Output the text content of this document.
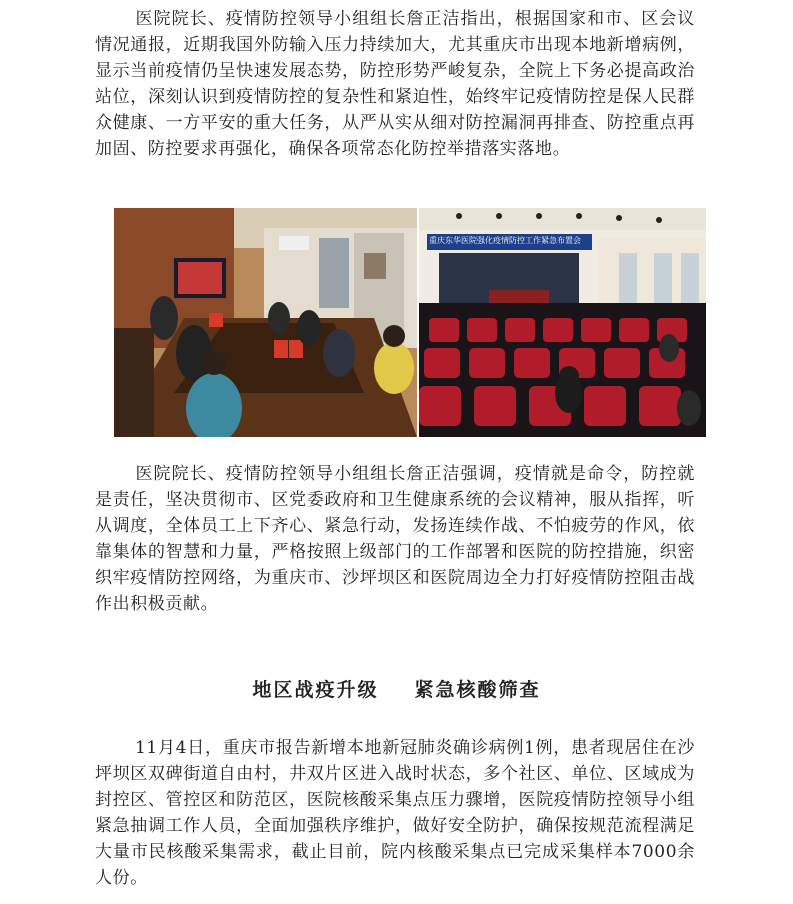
医院院长、疫情防控领导小组组长詹正洁指出，根据国家和市、区会议情况通报，近期我国外防输入压力持续加大，尤其重庆市出现本地新增病例，显示当前疫情仍呈快速发展态势，防控形势严峻复杂，全院上下务必提高政治站位，深刻认识到疫情防控的复杂性和紧迫性，始终牢记疫情防控是保人民群众健康、一方平安的重大任务，从严从实从细对防控漏洞再排查、防控重点再加固、防控要求再强化，确保各项常态化防控举措落实落地。

重庆东华医院强化疫情防控工作紧急布置会

医院院长、疫情防控领导小组组长詹正洁强调，疫情就是命令，防控就是责任，坚决贯彻市、区党委政府和卫生健康系统的会议精神，服从指挥，听从调度，全体员工上下齐心、紧急行动，发扬连续作战、不怕疲劳的作风，依靠集体的智慧和力量，严格按照上级部门的工作部署和医院的防控措施，织密织牢疫情防控网络，为重庆市、沙坪坝区和医院周边全力打好疫情防控阻击战作出积极贡献。

地区战疫升级 紧急核酸筛查

11月4日，重庆市报告新增本地新冠肺炎确诊病例1例，患者现居住在沙坪坝区双碑街道自由村，井双片区进入战时状态，多个社区、单位、区域成为封控区、管控区和防范区，医院核酸采集点压力骤增，医院疫情防控领导小组紧急抽调工作人员，全面加强秩序维护，做好安全防护，确保按规范流程满足大量市民核酸采集需求，截止目前，院内核酸采集点已完成采集样本7000余人份。
